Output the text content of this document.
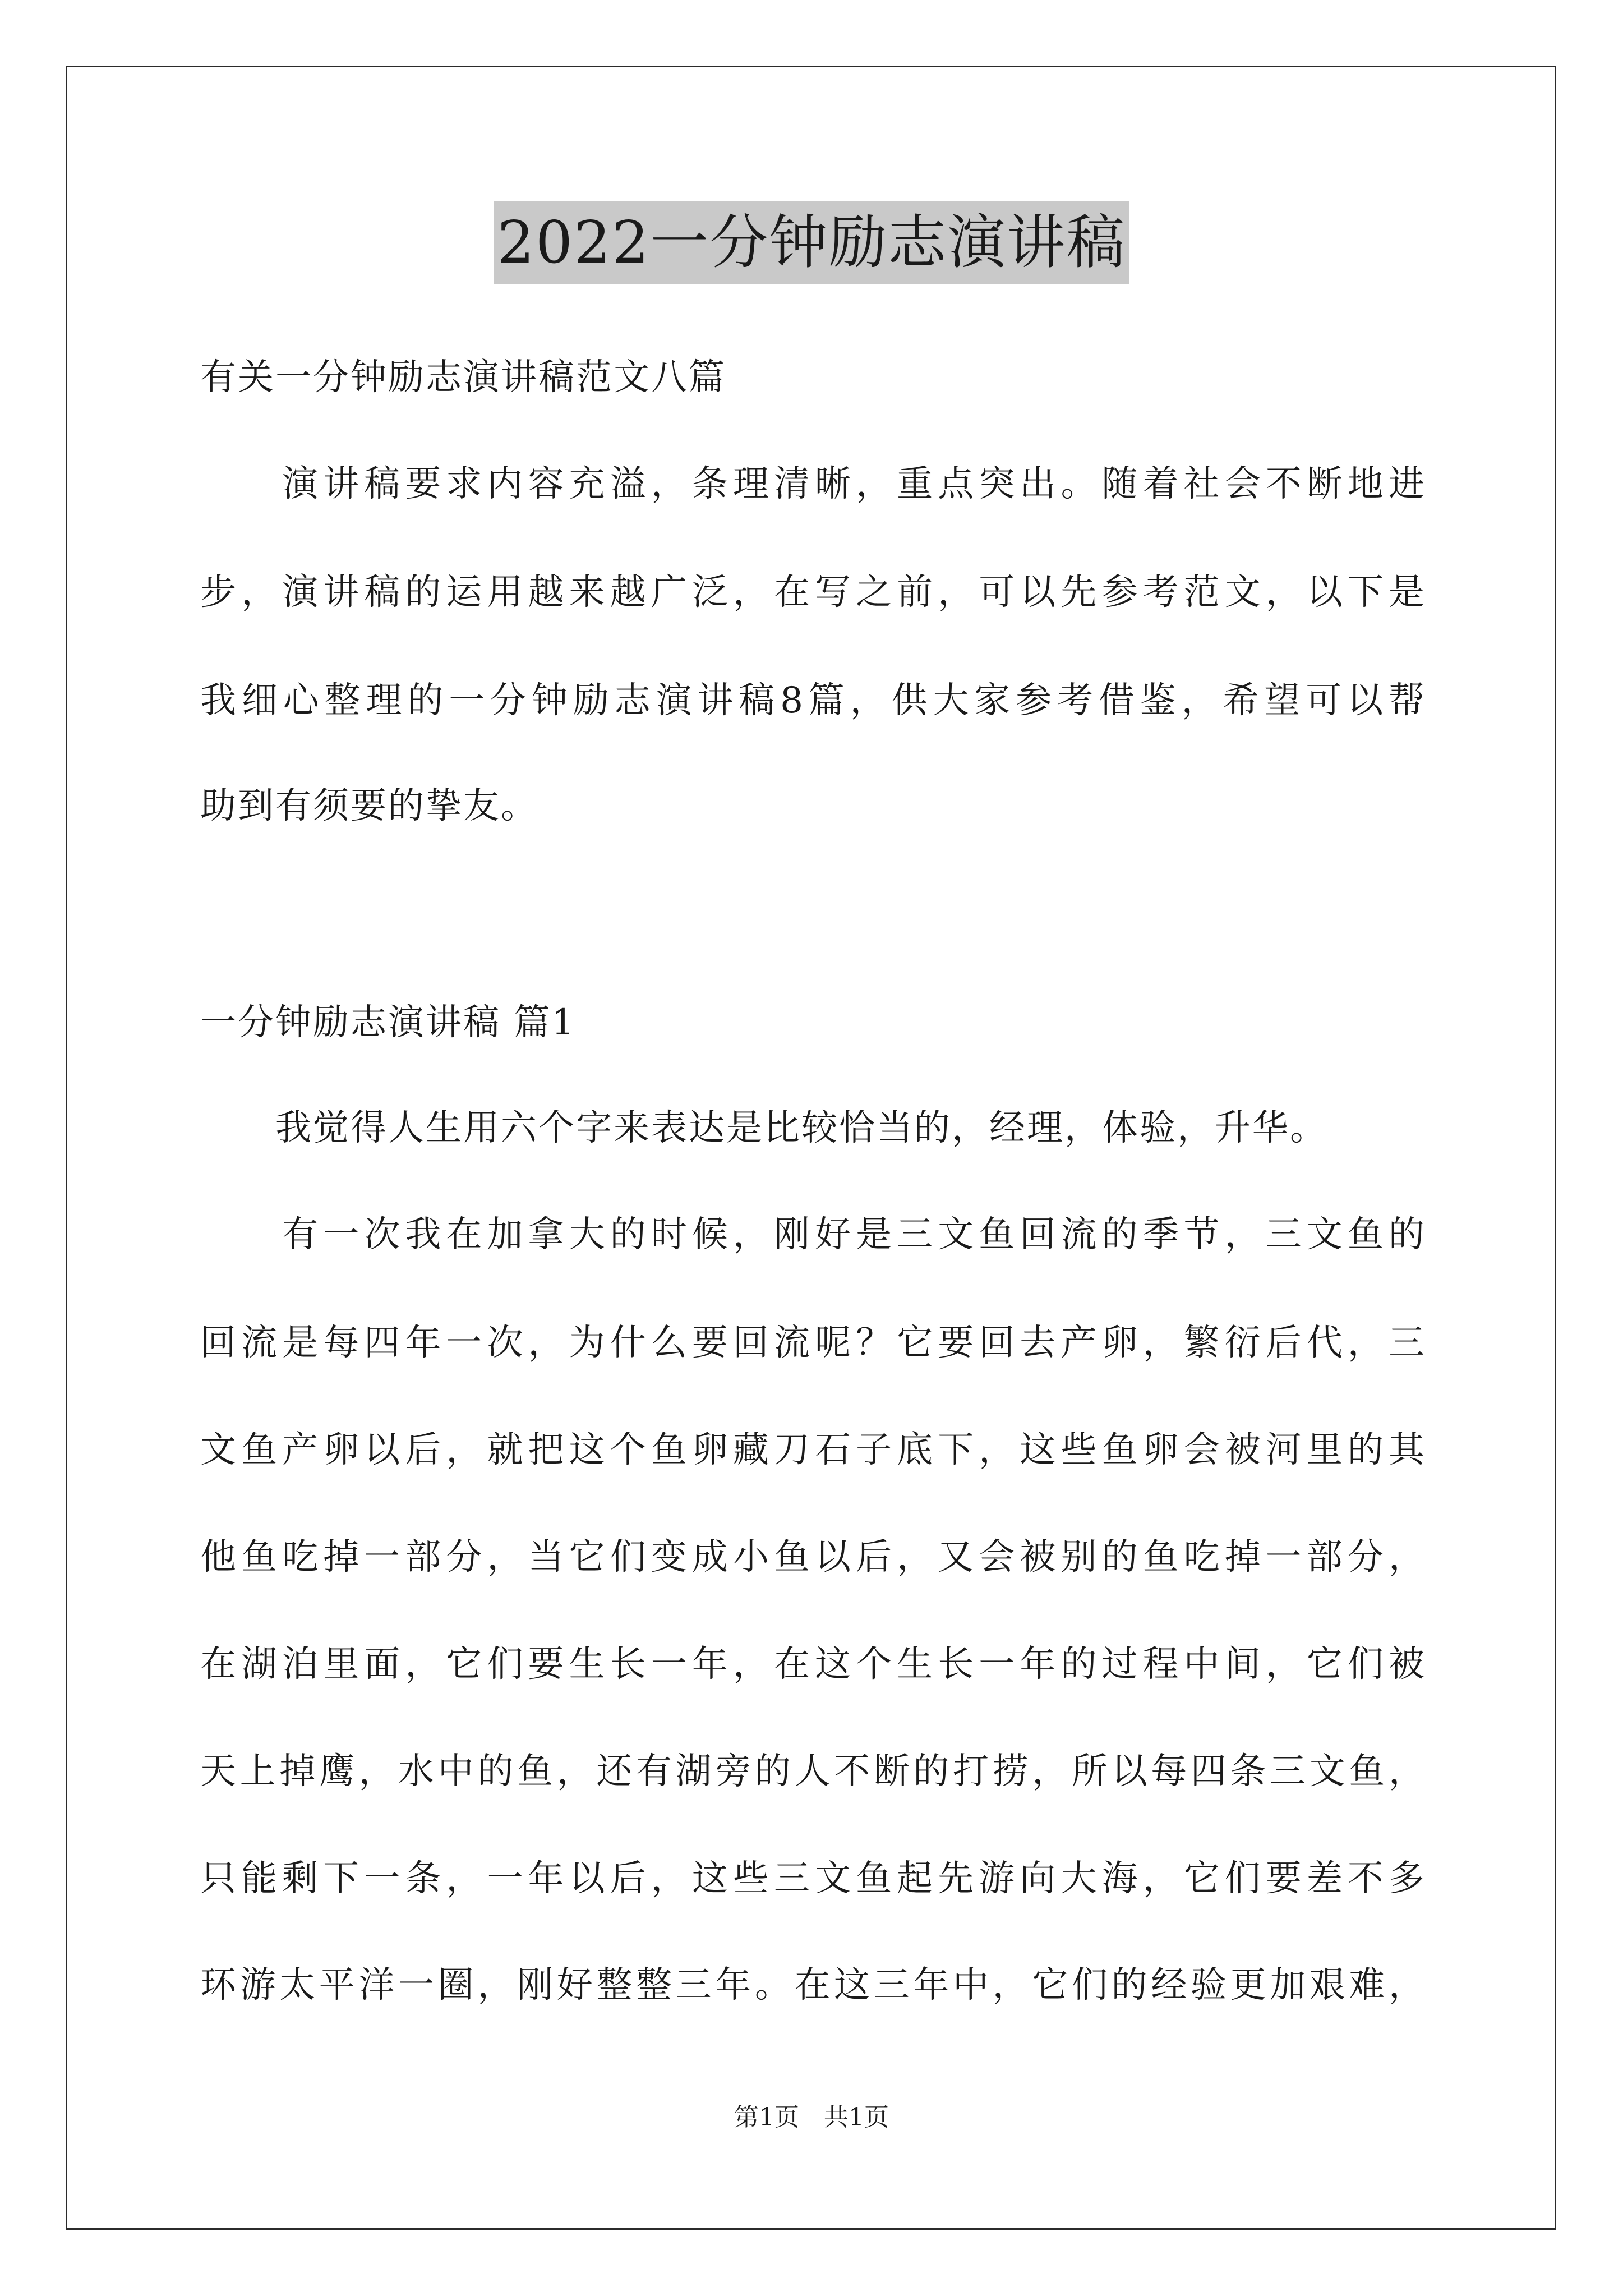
2022一分钟励志演讲稿
有关一分钟励志演讲稿范文八篇
　　演讲稿要求内容充溢，条理清晰，重点突出。随着社会不断地进
步，演讲稿的运用越来越广泛，在写之前，可以先参考范文，以下是
我细心整理的一分钟励志演讲稿8篇，供大家参考借鉴，希望可以帮
助到有须要的挚友。
一分钟励志演讲稿 篇1
　　我觉得人生用六个字来表达是比较恰当的，经理，体验，升华。
　　有一次我在加拿大的时候，刚好是三文鱼回流的季节，三文鱼的
回流是每四年一次，为什么要回流呢？它要回去产卵，繁衍后代，三
文鱼产卵以后，就把这个鱼卵藏刀石子底下，这些鱼卵会被河里的其
他鱼吃掉一部分，当它们变成小鱼以后，又会被别的鱼吃掉一部分，
在湖泊里面，它们要生长一年，在这个生长一年的过程中间，它们被
天上掉鹰，水中的鱼，还有湖旁的人不断的打捞，所以每四条三文鱼，
只能剩下一条，一年以后，这些三文鱼起先游向大海，它们要差不多
环游太平洋一圈，刚好整整三年。在这三年中，它们的经验更加艰难，
第1页　共1页
